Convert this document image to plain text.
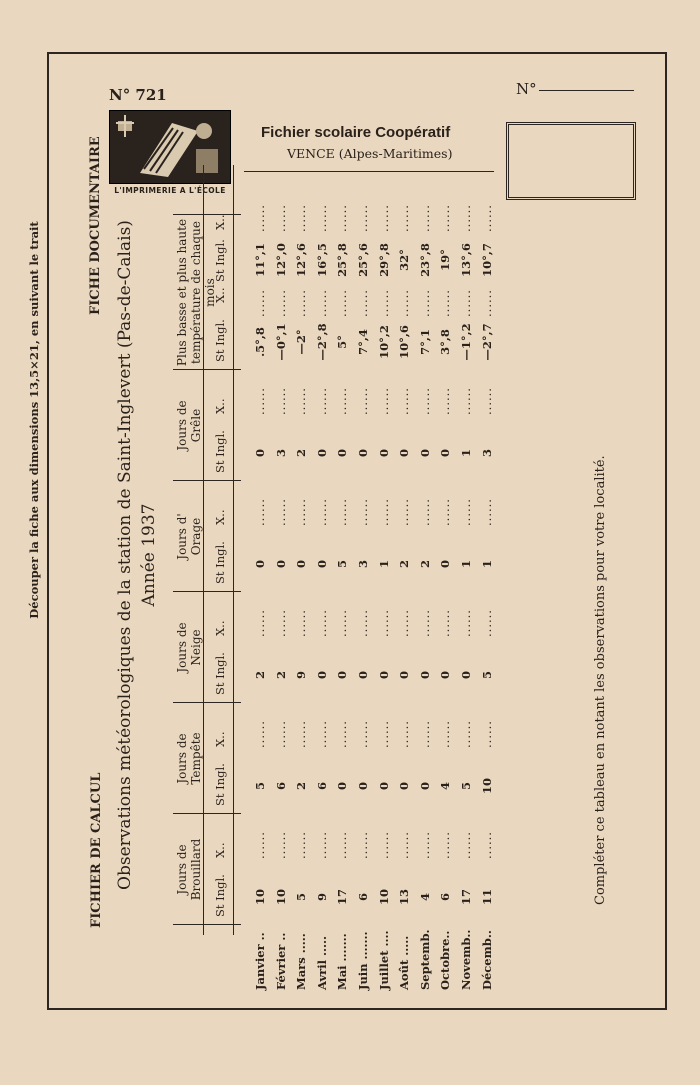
Découper la fiche aux dimensions 13,5×21, en suivant le trait
N° 721	N°
L'IMPRIMERIE A L'ÉCOLE
Fichier scolaire Coopératif
VENCE (Alpes-Maritimes)
FICHIER DE CALCUL
FICHE DOCUMENTAIRE Observations météorologiques de la station de Saint-Inglevert (Pas-de-Calais) Année 1937	Compléter ce tableau en notant les observations pour votre localité.
Jours de Brouillard St Ingl.
X..
Jours de Tempête St Ingl.
X..
Jours de Neige
St Ingl.
X..
Jours d' Orage
St Ingl.
X..
Jours de Grêle
St Ingl.
X..
Plus basse et plus haute température de chaque mois
St Ingl.
X..
St Ingl.
X..
Janvier ..
10
......
5
......
2
......
0
......
0
......
.5°,8
......
11°,1
......
Février ..
10
......
6
......
2
......
0
......
3
......
—0°,1
......
12°,0
......
Mars .....
5
......
2
......
9
......
0
......
2
......
—2°
......
12°,6
......
Avril .....
9
......
6
......
0
......
0
......
0
......
—2°,8
......
16°,5
......
Mai .......
17
......
0
......
0
......
5
......
0
......
5°
......
25°,8
......
Juin .......
6
......
0
......
0
......
3
......
0
......
7°,4
......
25°,6
......
Juillet ....
10
......
0
......
0
......
1
......
0
......
10°,2
......
29°,8
......
Août .....
13
......
0
......
0
......
2
......
0
......
10°,6
......
32°
......
Septemb.
4
......
0
......
0
......
2
......
0
......
7°,1
......
23°,8
......
Octobre..
6
......
4
......
0
......
0
......
0
......
3°,8
......
19°
......
Novemb..
17
......
5
......
0
......
1
......
1
......
—1°,2
......
13°,6
......
Décemb..
11
......
10
......
5
......
1
......
3
......
—2°,7
......
10°,7
......
